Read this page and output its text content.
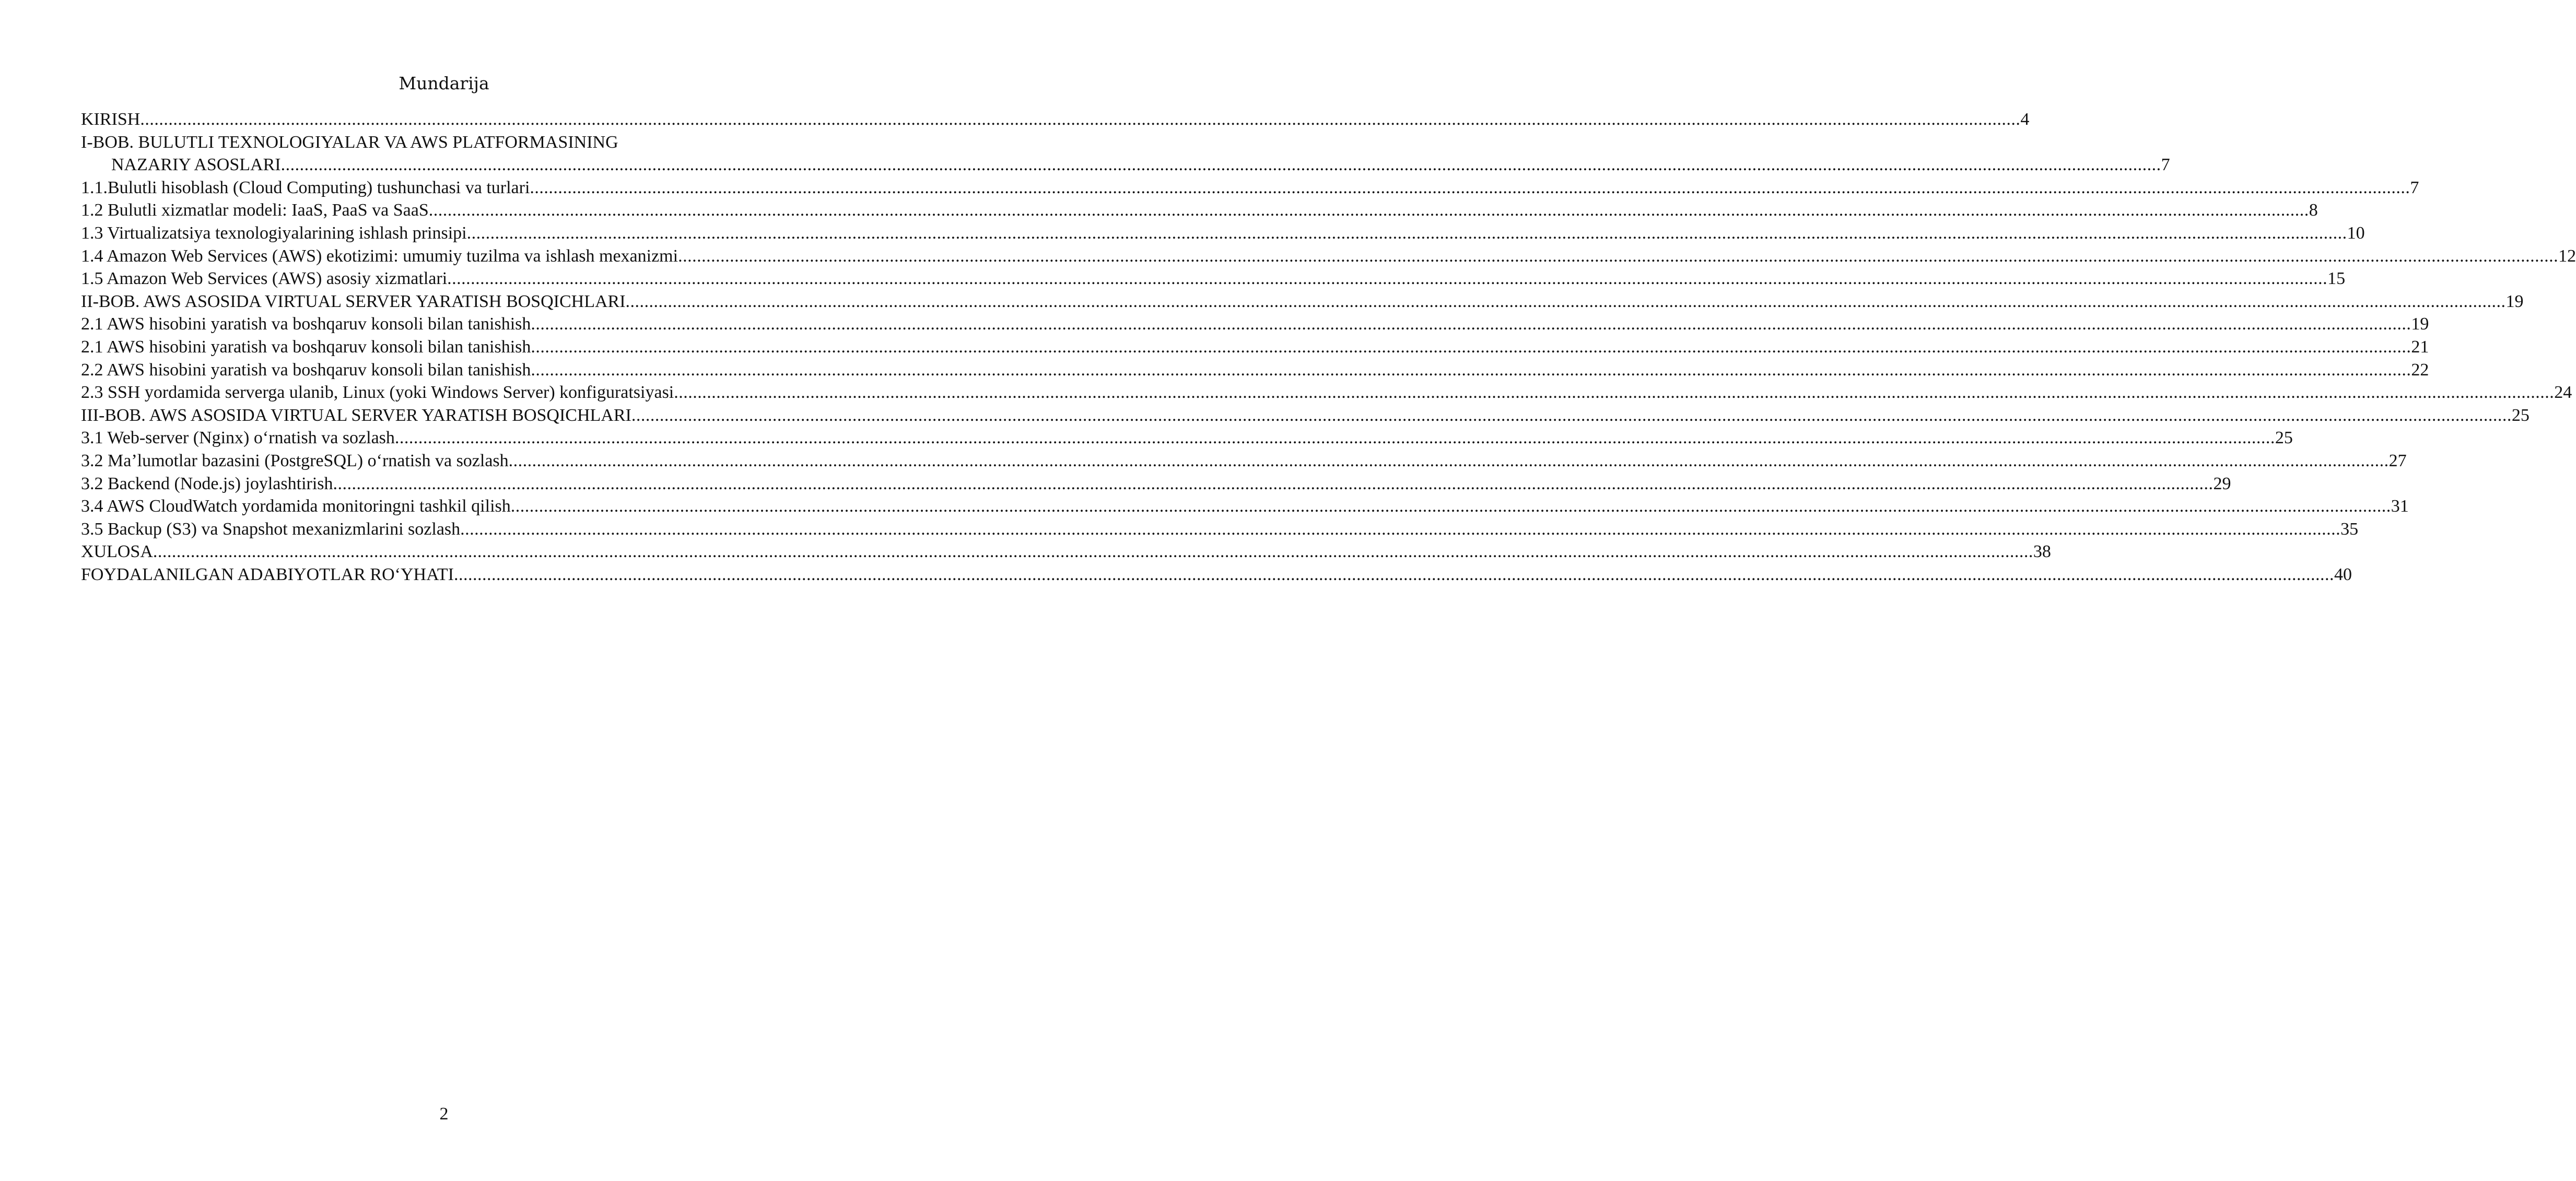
Mundarija
KIRISH ................................................................................................................................................................................................................................................................................................................................................................................................................ 4
I-BOB. BULUTLI TEXNOLOGIYALAR VA AWS PLATFORMASINING
NAZARIY ASOSLARI ................................................................................................................................................................................................................................................................................................................................................................................................................ 7
1.1.Bulutli hisoblash (Cloud Computing) tushunchasi va turlari ................................................................................................................................................................................................................................................................................................................................................................................................................ 7
1.2 Bulutli xizmatlar modeli: IaaS, PaaS va SaaS ................................................................................................................................................................................................................................................................................................................................................................................................................ 8
1.3 Virtualizatsiya texnologiyalarining ishlash prinsipi ................................................................................................................................................................................................................................................................................................................................................................................................................ 10
1.4 Amazon Web Services (AWS) ekotizimi: umumiy tuzilma va ishlash mexanizmi ................................................................................................................................................................................................................................................................................................................................................................................................................ 12
1.5 Amazon Web Services (AWS) asosiy xizmatlari ................................................................................................................................................................................................................................................................................................................................................................................................................ 15
II-BOB. AWS ASOSIDA VIRTUAL SERVER YARATISH BOSQICHLARI ................................................................................................................................................................................................................................................................................................................................................................................................................ 19
2.1 AWS hisobini yaratish va boshqaruv konsoli bilan tanishish ................................................................................................................................................................................................................................................................................................................................................................................................................ 19
2.1 AWS hisobini yaratish va boshqaruv konsoli bilan tanishish ................................................................................................................................................................................................................................................................................................................................................................................................................ 21
2.2 AWS hisobini yaratish va boshqaruv konsoli bilan tanishish ................................................................................................................................................................................................................................................................................................................................................................................................................ 22
2.3 SSH yordamida serverga ulanib, Linux (yoki Windows Server) konfiguratsiyasi ................................................................................................................................................................................................................................................................................................................................................................................................................ 24
III-BOB. AWS ASOSIDA VIRTUAL SERVER YARATISH BOSQICHLARI ................................................................................................................................................................................................................................................................................................................................................................................................................ 25
3.1 Web-server (Nginx) o‘rnatish va sozlash ................................................................................................................................................................................................................................................................................................................................................................................................................ 25
3.2 Ma’lumotlar bazasini (PostgreSQL) o‘rnatish va sozlash ................................................................................................................................................................................................................................................................................................................................................................................................................ 27
3.2 Backend (Node.js) joylashtirish ................................................................................................................................................................................................................................................................................................................................................................................................................ 29
3.4 AWS CloudWatch yordamida monitoringni tashkil qilish ................................................................................................................................................................................................................................................................................................................................................................................................................ 31
3.5 Backup (S3) va Snapshot mexanizmlarini sozlash ................................................................................................................................................................................................................................................................................................................................................................................................................ 35
XULOSA ................................................................................................................................................................................................................................................................................................................................................................................................................ 38
FOYDALANILGAN ADABIYOTLAR RO‘YHATI ................................................................................................................................................................................................................................................................................................................................................................................................................ 40
2
